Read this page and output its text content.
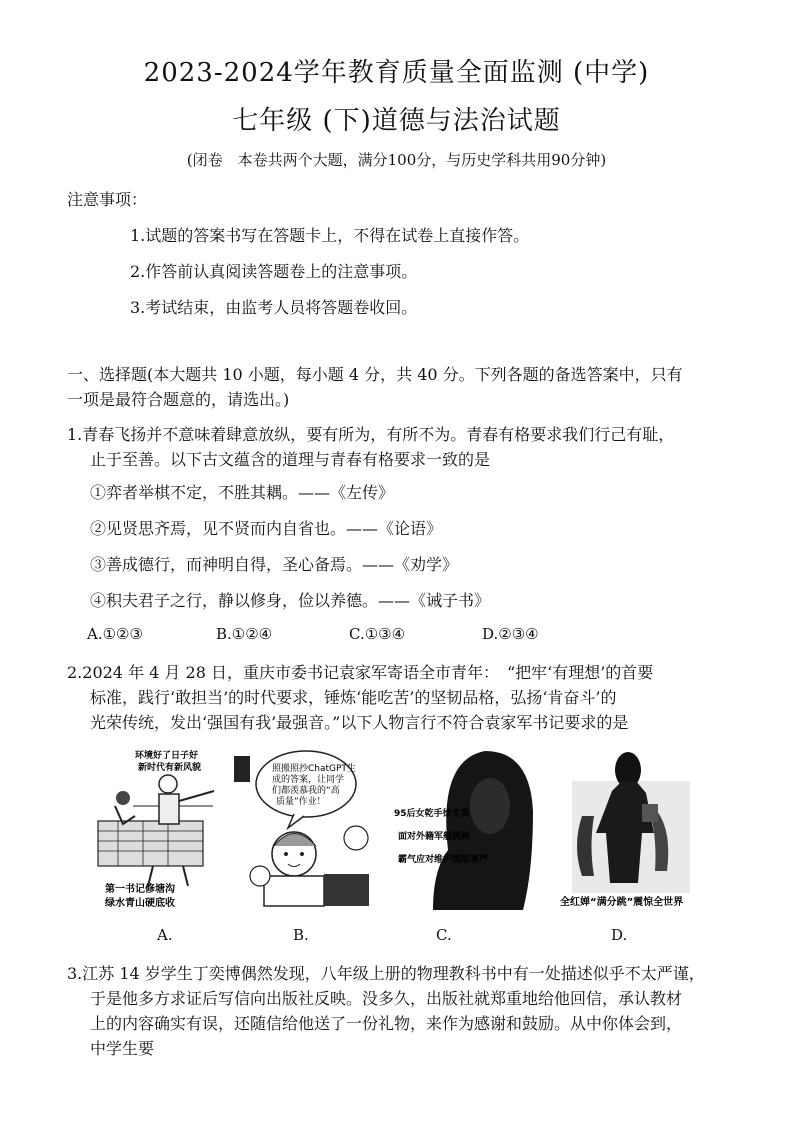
2023-2024学年教育质量全面监测 (中学)
七年级 (下)道德与法治试题
(闭卷　本卷共两个大题，满分100分，与历史学科共用90分钟)
注意事项：
1.试题的答案书写在答题卡上，不得在试卷上直接作答。
2.作答前认真阅读答题卷上的注意事项。
3.考试结束，由监考人员将答题卷收回。
一、选择题(本大题共 10 小题，每小题 4 分，共 40 分。下列各题的备选答案中，只有
一项是最符合题意的，请选出。)
1.青春飞扬并不意味着肆意放纵，要有所为，有所不为。青春有格要求我们行己有耻，
止于至善。以下古文蕴含的道理与青春有格要求一致的是
①弈者举棋不定，不胜其耦。——《左传》
②见贤思齐焉，见不贤而内自省也。——《论语》
③善成德行，而神明自得，圣心备焉。——《劝学》
④积夫君子之行，静以修身，俭以养德。——《诫子书》
A.①②③	B.①②④	C.①③④	D.②③④
2.2024 年 4 月 28 日，重庆市委书记袁家军寄语全市青年：　“把牢‘有理想’的首要
标准，践行‘敢担当’的时代要求，锤炼‘能吃苦’的坚韧品格，弘扬‘肯奋斗’的
光荣传统，发出‘强国有我’最强音。”以下人物言行不符合袁家军书记要求的是
环境好了日子好
新时代有新风貌
第一书记修塘沟
绿水青山硬底收
照搬照抄ChatGPT生
成的答案，让同学
们都羡慕我的“高
质量”作业！
95后女乾手徐文高
面对外籍军舰挑衅
霸气应对维护国家尊严
全红婵“满分跳”震惊全世界
A.	B.	C.	D.
3.江苏 14 岁学生丁奕博偶然发现，八年级上册的物理教科书中有一处描述似乎不太严谨，
于是他多方求证后写信向出版社反映。没多久，出版社就郑重地给他回信，承认教材
上的内容确实有误，还随信给他送了一份礼物，来作为感谢和鼓励。从中你体会到，
中学生要
